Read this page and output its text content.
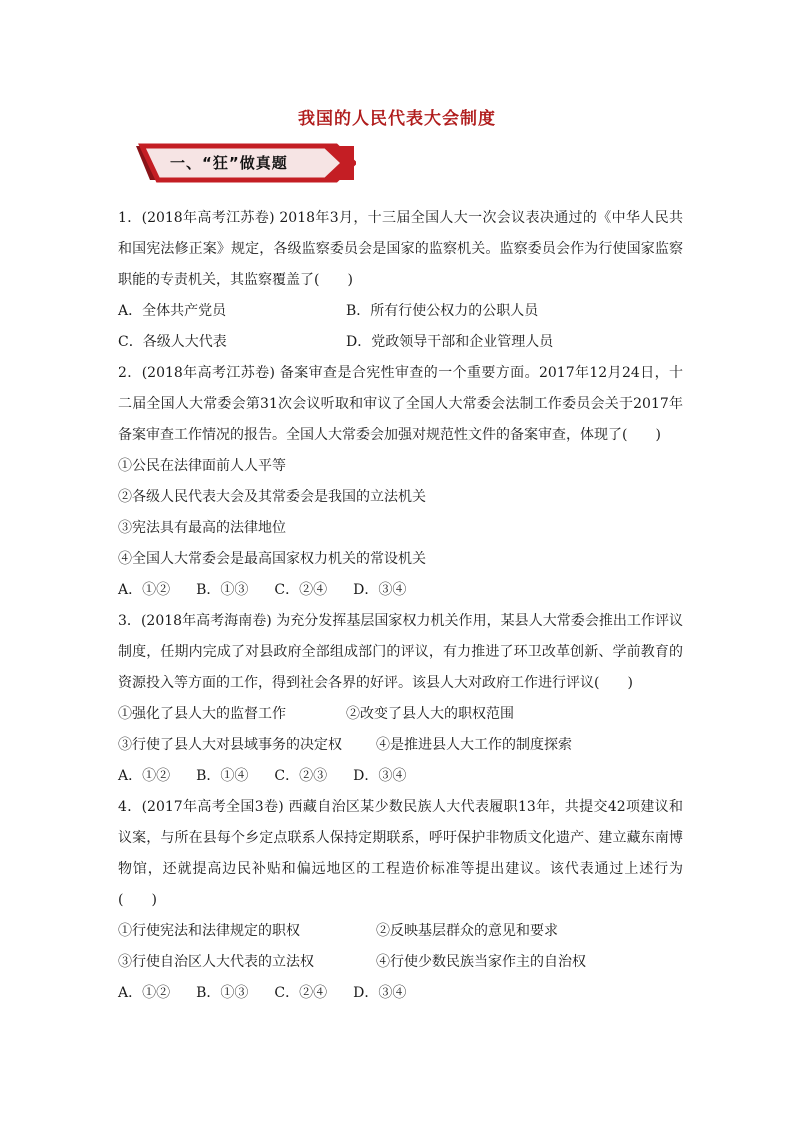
我国的人民代表大会制度
一、“狂”做真题

1．(2018年高考江苏卷) 2018年3月，十三届全国人大一次会议表决通过的《中华人民共和国宪法修正案》规定，各级监察委员会是国家的监察机关。监察委员会作为行使国家监察职能的专责机关，其监察覆盖了(　　)

A．全体共产党员	B．所有行使公权力的公职人员
C．各级人大代表	D．党政领导干部和企业管理人员

2．(2018年高考江苏卷) 备案审查是合宪性审查的一个重要方面。2017年12月24日，十二届全国人大常委会第31次会议听取和审议了全国人大常委会法制工作委员会关于2017年备案审查工作情况的报告。全国人大常委会加强对规范性文件的备案审查，体现了(　　)

①公民在法律面前人人平等

②各级人民代表大会及其常委会是我国的立法机关

③宪法具有最高的法律地位

④全国人大常委会是最高国家权力机关的常设机关

A．①② B．①③ C．②④ D．③④

3．(2018年高考海南卷) 为充分发挥基层国家权力机关作用，某县人大常委会推出工作评议制度，任期内完成了对县政府全部组成部门的评议，有力推进了环卫改革创新、学前教育的资源投入等方面的工作，得到社会各界的好评。该县人大对政府工作进行评议(　　)

①强化了县人大的监督工作	②改变了县人大的职权范围
③行使了县人大对县域事务的决定权	④是推进县人大工作的制度探索
A．①② B．①④ C．②③ D．③④

4．(2017年高考全国3卷) 西藏自治区某少数民族人大代表履职13年，共提交42项建议和议案，与所在县每个乡定点联系人保持定期联系，呼吁保护非物质文化遗产、建立藏东南博物馆，还就提高边民补贴和偏远地区的工程造价标准等提出建议。该代表通过上述行为(　　)

①行使宪法和法律规定的职权	②反映基层群众的意见和要求
③行使自治区人大代表的立法权	④行使少数民族当家作主的自治权
A．①② B．①③ C．②④ D．③④
